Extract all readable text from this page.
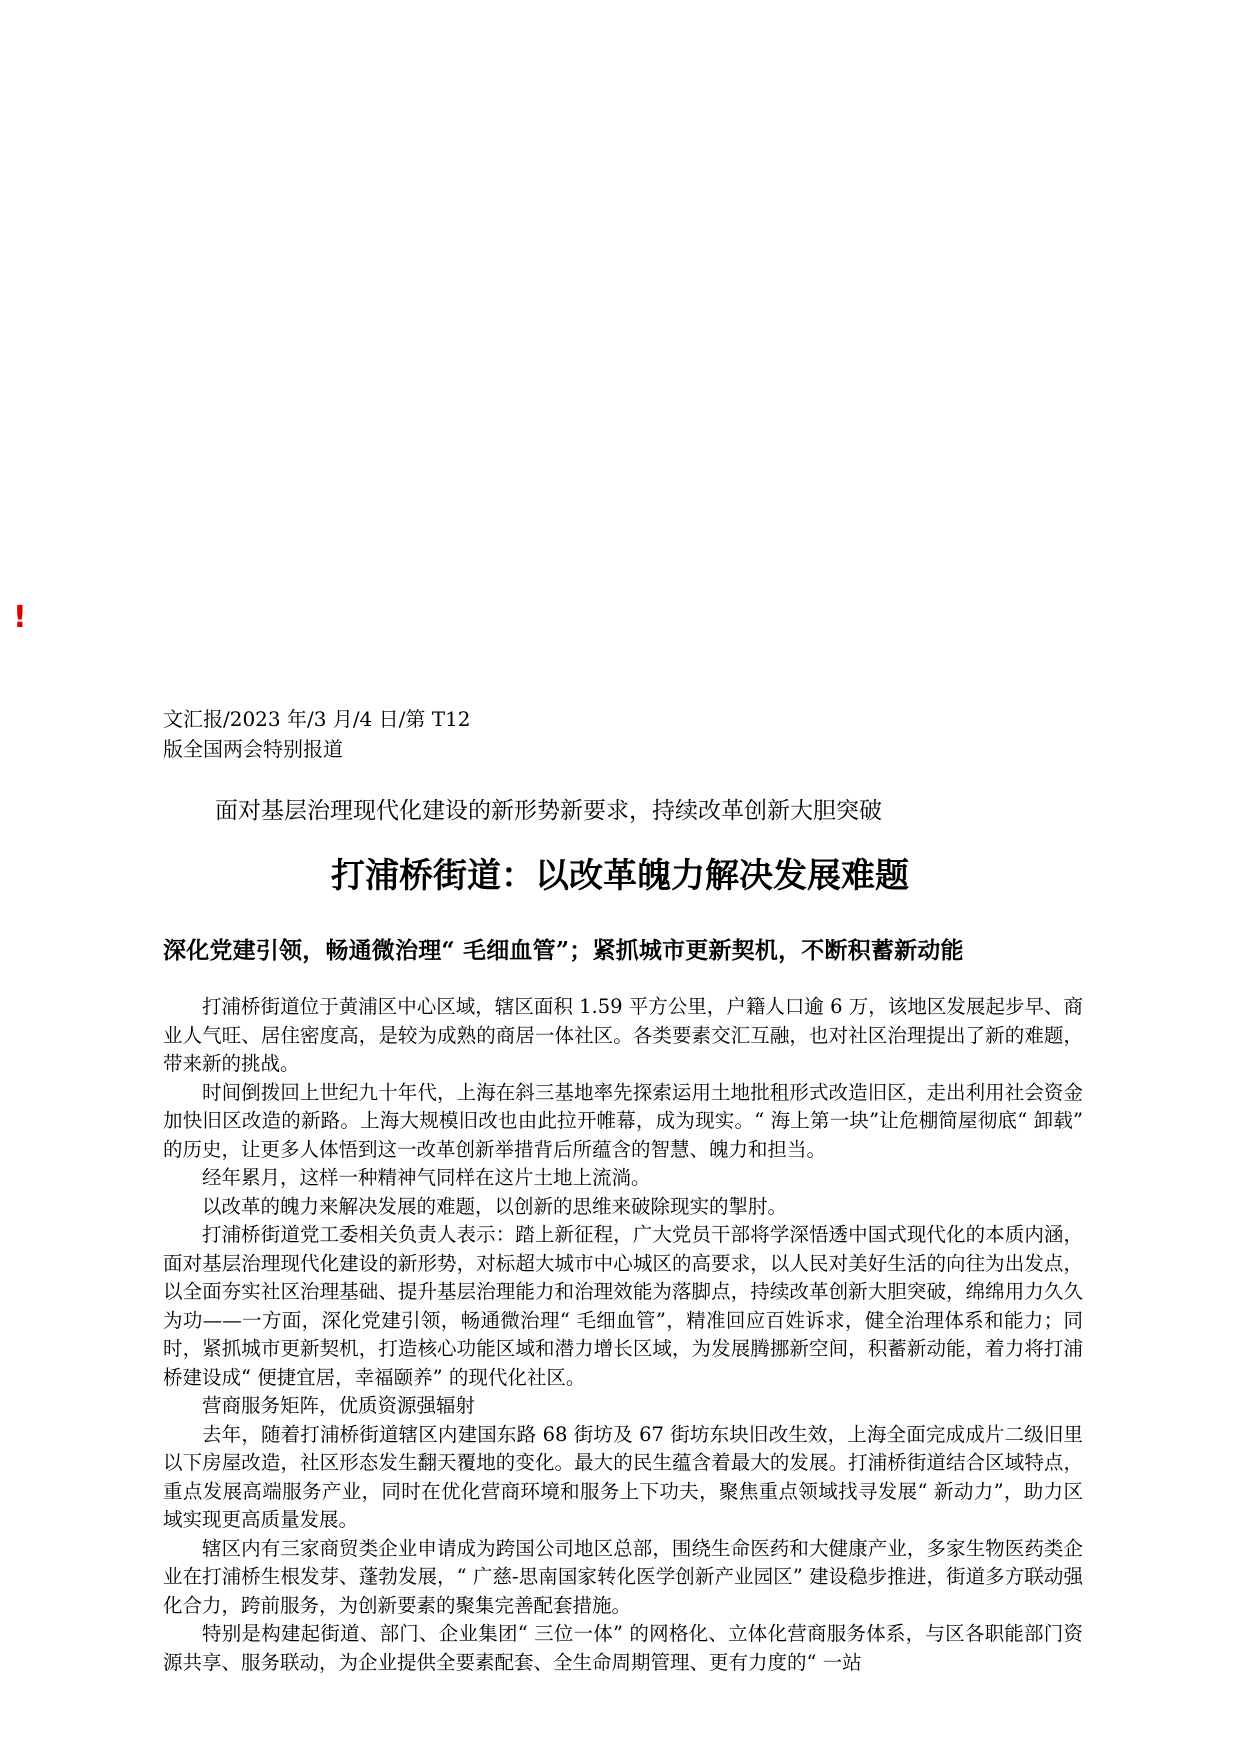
!
文汇报/2023 年/3 月/4 日/第 T12
版全国两会特别报道
面对基层治理现代化建设的新形势新要求，持续改革创新大胆突破
打浦桥街道：以改革魄力解决发展难题
深化党建引领，畅通微治理“ 毛细血管”；紧抓城市更新契机，不断积蓄新动能

打浦桥街道位于黄浦区中心区域，辖区面积 1.59 平方公里，户籍人口逾 6 万，该地区发展起步早、商业人气旺、居住密度高，是较为成熟的商居一体社区。各类要素交汇互融，也对社区治理提出了新的难题，带来新的挑战。

时间倒拨回上世纪九十年代，上海在斜三基地率先探索运用土地批租形式改造旧区，走出利用社会资金加快旧区改造的新路。上海大规模旧改也由此拉开帷幕，成为现实。“ 海上第一块”让危棚简屋彻底“ 卸载” 的历史，让更多人体悟到这一改革创新举措背后所蕴含的智慧、魄力和担当。

经年累月，这样一种精神气同样在这片土地上流淌。

以改革的魄力来解决发展的难题，以创新的思维来破除现实的掣肘。

打浦桥街道党工委相关负责人表示：踏上新征程，广大党员干部将学深悟透中国式现代化的本质内涵，面对基层治理现代化建设的新形势，对标超大城市中心城区的高要求，以人民对美好生活的向往为出发点，以全面夯实社区治理基础、提升基层治理能力和治理效能为落脚点，持续改革创新大胆突破，绵绵用力久久为功——一方面，深化党建引领，畅通微治理“ 毛细血管”，精准回应百姓诉求，健全治理体系和能力；同时，紧抓城市更新契机，打造核心功能区域和潜力增长区域，为发展腾挪新空间，积蓄新动能，着力将打浦桥建设成“ 便捷宜居，幸福颐养” 的现代化社区。

营商服务矩阵，优质资源强辐射

去年，随着打浦桥街道辖区内建国东路 68 街坊及 67 街坊东块旧改生效，上海全面完成成片二级旧里以下房屋改造，社区形态发生翻天覆地的变化。最大的民生蕴含着最大的发展。打浦桥街道结合区域特点，重点发展高端服务产业，同时在优化营商环境和服务上下功夫，聚焦重点领域找寻发展“ 新动力”，助力区域实现更高质量发展。

辖区内有三家商贸类企业申请成为跨国公司地区总部，围绕生命医药和大健康产业，多家生物医药类企业在打浦桥生根发芽、蓬勃发展，“ 广慈-思南国家转化医学创新产业园区” 建设稳步推进，街道多方联动强化合力，跨前服务，为创新要素的聚集完善配套措施。

特别是构建起街道、部门、企业集团“ 三位一体” 的网格化、立体化营商服务体系，与区各职能部门资源共享、服务联动，为企业提供全要素配套、全生命周期管理、更有力度的“ 一站
